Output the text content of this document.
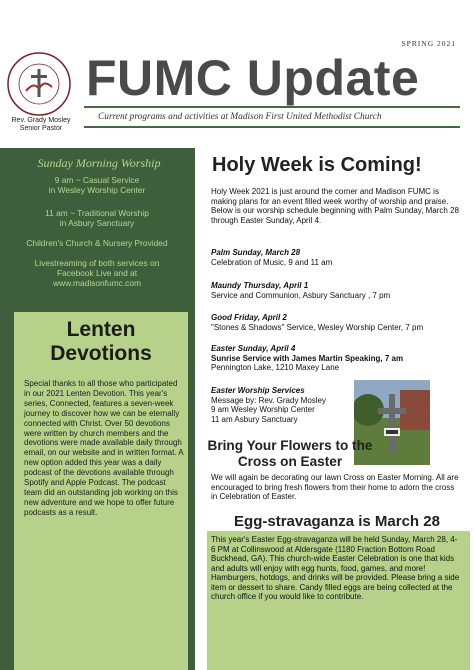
Rev. Grady Mosley
Senior Pastor
SPRING 2021
FUMC Update
Current programs and activities at Madison First United Methodist Church
Sunday Morning Worship
9 am ~ Casual Service
in Wesley Worship Center
11 am ~ Traditional Worship
in Asbury Sanctuary
Children's Church & Nursery Provided
Livestreaming of both services on
Facebook Live and at
www.madisonfumc.com
Lenten Devotions
Special thanks to all those who participated in our 2021 Lenten Devotion. This year's series, Connected, features a seven-week journey to discover how we can be eternally connected with Christ. Over 50 devotions were written by church members and the devotions were made available daily through email, on our website and in written format. A new option added this year was a daily podcast of the devotions available through Spotify and Apple Podcast. The podcast team did an outstanding job working on this new adventure and we hope to offer future podcasts as a result.
Holy Week is Coming!
Holy Week 2021 is just around the corner and Madison FUMC is making plans for an event filled week worthy of worship and praise. Below is our worship schedule beginning with Palm Sunday, March 28 through Easter Sunday, April 4.
Palm Sunday, March 28
Celebration of Music, 9 and 11 am
Maundy Thursday, April 1
Service and Communion, Asbury Sanctuary , 7 pm
Good Friday, April 2
"Stones & Shadows" Service, Wesley Worship Center, 7 pm
Easter Sunday, April 4
Sunrise Service with James Martin Speaking, 7 am
Pennington Lake, 1210 Maxey Lane
Easter Worship Services
Message by: Rev. Grady Mosley
9 am Wesley Worship Center
11 am Asbury Sanctuary
Bring Your Flowers to the Cross on Easter
We will again be decorating our lawn Cross on Easter Morning. All are encouraged to bring fresh flowers from their home to adorn the cross in Celebration of Easter.
Egg-stravaganza is March 28
This year's Easter Egg-stravaganza will be held Sunday, March 28, 4-6 PM at Collinswood at Aldersgate (1180 Fraction Bottom Road Buckhead, GA). This church-wide Easter Celebration is one that kids and adults will enjoy with egg hunts, food, games, and more! Hamburgers, hotdogs, and drinks will be provided. Please bring a side item or dessert to share. Candy filled eggs are being collected at the church office if you would like to contribute.
